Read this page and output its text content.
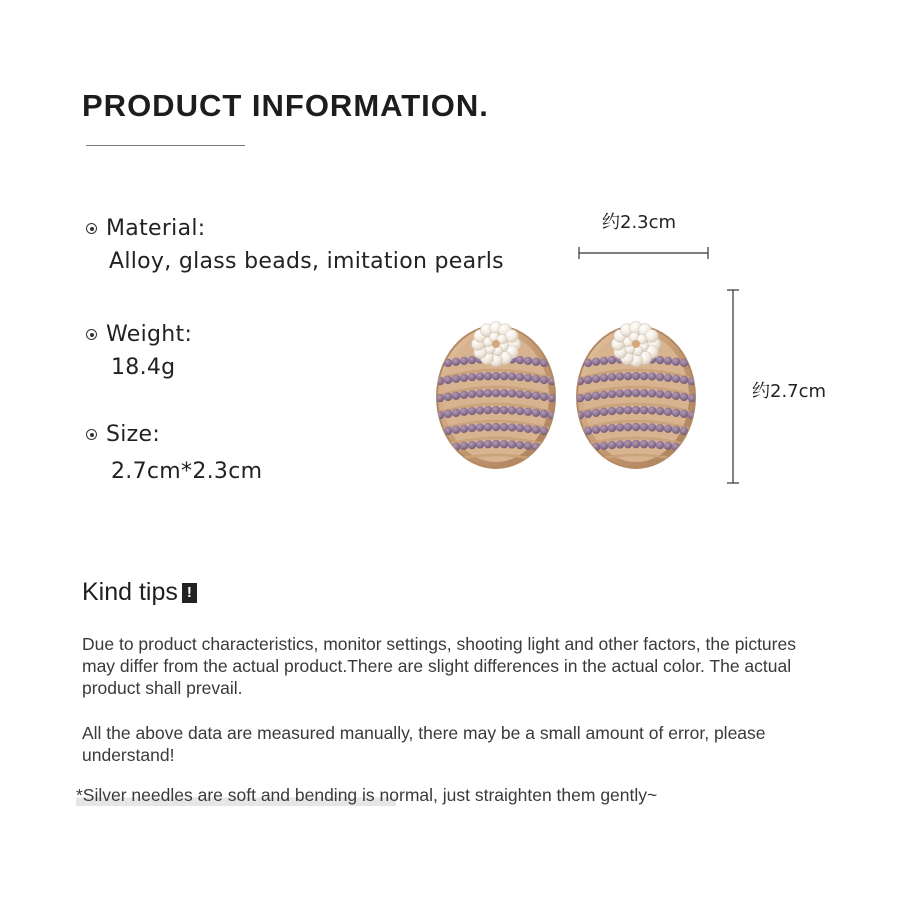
PRODUCT INFORMATION.
Material:
Alloy, glass beads, imitation pearls
Weight:
18.4g
Size:
2.7cm*2.3cm
约2.3cm
约2.7cm
Kind tips !

Due to product characteristics, monitor settings, shooting light and other factors, the pictures may differ from the actual product.There are slight differences in the actual color. The actual product shall prevail.

All the above data are measured manually, there may be a small amount of error, please understand!

*Silver needles are soft and bending is normal, just straighten them gently~
